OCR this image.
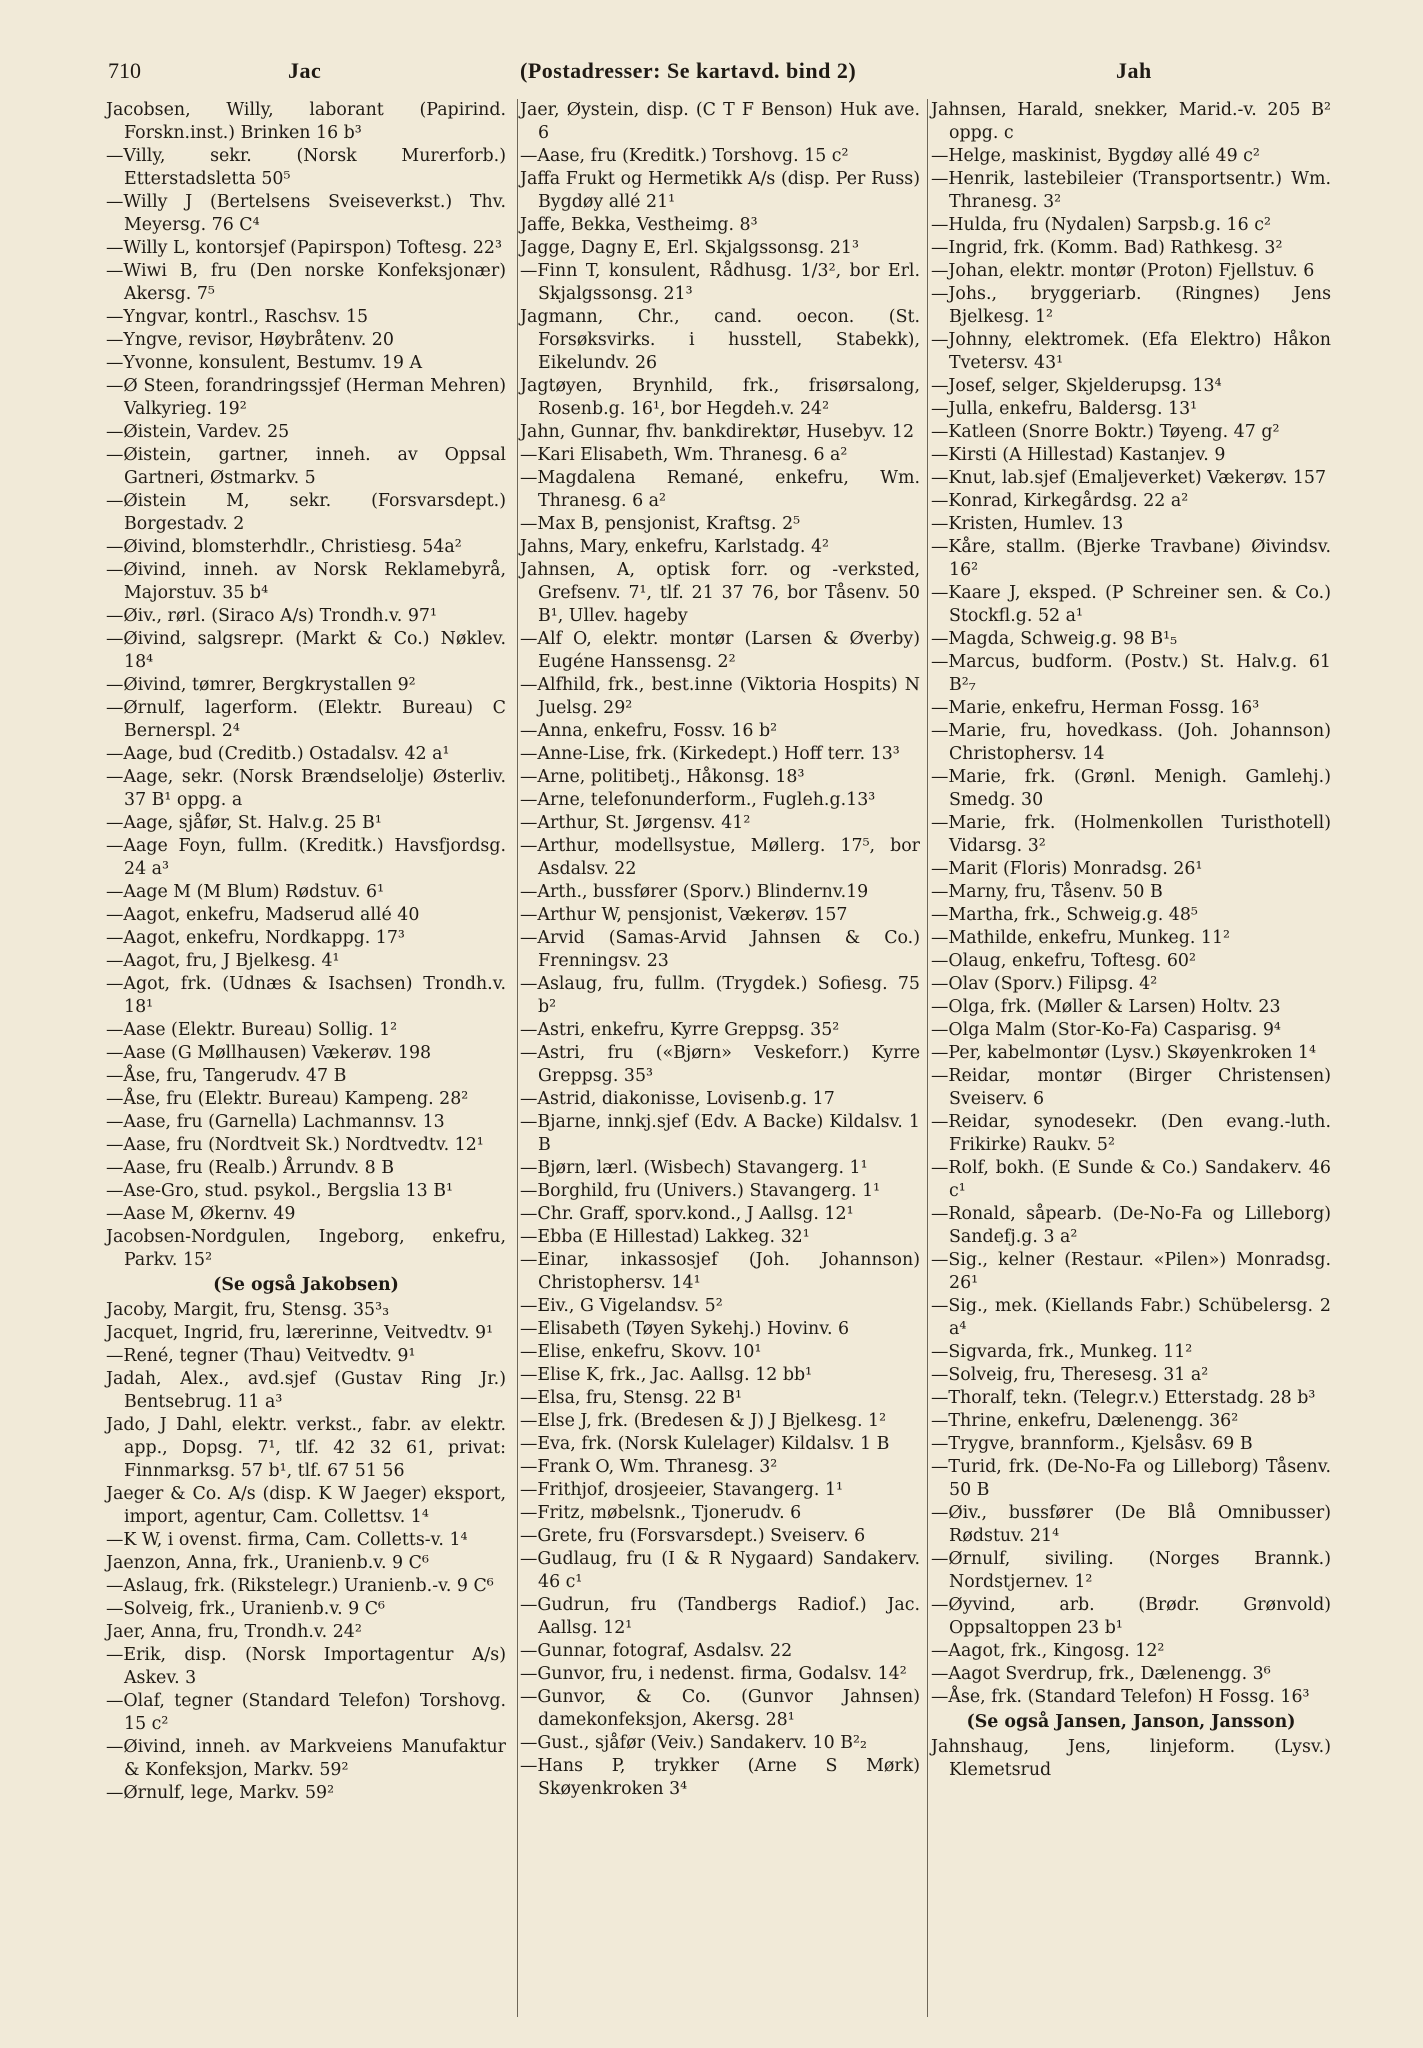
710	Jac	(Postadresser: Se kartavd. bind 2)	Jah
Jacobsen, Willy, laborant (Papirind. Forskn.inst.) Brinken 16 b³
—Villy, sekr. (Norsk Murerforb.) Etterstadsletta 50⁵
—Willy J (Bertelsens Sveiseverkst.) Thv. Meyersg. 76 C⁴
—Willy L, kontorsjef (Papirspon) Toftesg. 22³
—Wiwi B, fru (Den norske Konfeksjonær) Akersg. 7⁵
—Yngvar, kontrl., Raschsv. 15
—Yngve, revisor, Høybråtenv. 20
—Yvonne, konsulent, Bestumv. 19 A
—Ø Steen, forandringssjef (Herman Mehren) Valkyrieg. 19²
—Øistein, Vardev. 25
—Øistein, gartner, inneh. av Oppsal Gartneri, Østmarkv. 5
—Øistein M, sekr. (Forsvarsdept.) Borgestadv. 2
—Øivind, blomsterhdlr., Christiesg. 54a²
—Øivind, inneh. av Norsk Reklamebyrå, Majorstuv. 35 b⁴
—Øiv., rørl. (Siraco A/s) Trondh.v. 97¹
—Øivind, salgsrepr. (Markt & Co.) Nøklev. 18⁴
—Øivind, tømrer, Bergkrystallen 9²
—Ørnulf, lagerform. (Elektr. Bureau) C Bernerspl. 2⁴
—Aage, bud (Creditb.) Ostadalsv. 42 a¹
—Aage, sekr. (Norsk Brændselolje) Østerliv. 37 B¹ oppg. a
—Aage, sjåfør, St. Halv.g. 25 B¹
—Aage Foyn, fullm. (Kreditk.) Havsfjordsg. 24 a³
—Aage M (M Blum) Rødstuv. 6¹
—Aagot, enkefru, Madserud allé 40
—Aagot, enkefru, Nordkappg. 17³
—Aagot, fru, J Bjelkesg. 4¹
—Agot, frk. (Udnæs & Isachsen) Trondh.v. 18¹
—Aase (Elektr. Bureau) Sollig. 1²
—Aase (G Møllhausen) Vækerøv. 198
—Åse, fru, Tangerudv. 47 B
—Åse, fru (Elektr. Bureau) Kampeng. 28²
—Aase, fru (Garnella) Lachmannsv. 13
—Aase, fru (Nordtveit Sk.) Nordtvedtv. 12¹
—Aase, fru (Realb.) Årrundv. 8 B
—Ase-Gro, stud. psykol., Bergslia 13 B¹
—Aase M, Økernv. 49
Jacobsen-Nordgulen, Ingeborg, enkefru, Parkv. 15²
(Se også Jakobsen)
Jacoby, Margit, fru, Stensg. 35³₃
Jacquet, Ingrid, fru, lærerinne, Veitvedtv. 9¹
—René, tegner (Thau) Veitvedtv. 9¹
Jadah, Alex., avd.sjef (Gustav Ring Jr.) Bentsebrug. 11 a³
Jado, J Dahl, elektr. verkst., fabr. av elektr. app., Dopsg. 7¹, tlf. 42 32 61, privat: Finnmarksg. 57 b¹, tlf. 67 51 56
Jaeger & Co. A/s (disp. K W Jaeger) eksport, import, agentur, Cam. Collettsv. 1⁴
—K W, i ovenst. firma, Cam. Colletts-v. 1⁴
Jaenzon, Anna, frk., Uranienb.v. 9 C⁶
—Aslaug, frk. (Rikstelegr.) Uranienb.-v. 9 C⁶
—Solveig, frk., Uranienb.v. 9 C⁶
Jaer, Anna, fru, Trondh.v. 24²
—Erik, disp. (Norsk Importagentur A/s) Askev. 3
—Olaf, tegner (Standard Telefon) Torshovg. 15 c²
—Øivind, inneh. av Markveiens Manufaktur & Konfeksjon, Markv. 59²
—Ørnulf, lege, Markv. 59²
Jaer, Øystein, disp. (C T F Benson) Huk ave. 6
—Aase, fru (Kreditk.) Torshovg. 15 c²
Jaffa Frukt og Hermetikk A/s (disp. Per Russ) Bygdøy allé 21¹
Jaffe, Bekka, Vestheimg. 8³
Jagge, Dagny E, Erl. Skjalgssonsg. 21³
—Finn T, konsulent, Rådhusg. 1/3², bor Erl. Skjalgssonsg. 21³
Jagmann, Chr., cand. oecon. (St. Forsøksvirks. i husstell, Stabekk), Eikelundv. 26
Jagtøyen, Brynhild, frk., frisørsalong, Rosenb.g. 16¹, bor Hegdeh.v. 24²
Jahn, Gunnar, fhv. bankdirektør, Husebyv. 12
—Kari Elisabeth, Wm. Thranesg. 6 a²
—Magdalena Remané, enkefru, Wm. Thranesg. 6 a²
—Max B, pensjonist, Kraftsg. 2⁵
Jahns, Mary, enkefru, Karlstadg. 4²
Jahnsen, A, optisk forr. og -verksted, Grefsenv. 7¹, tlf. 21 37 76, bor Tåsenv. 50 B¹, Ullev. hageby
—Alf O, elektr. montør (Larsen & Øverby) Eugéne Hanssensg. 2²
—Alfhild, frk., best.inne (Viktoria Hospits) N Juelsg. 29²
—Anna, enkefru, Fossv. 16 b²
—Anne-Lise, frk. (Kirkedept.) Hoff terr. 13³
—Arne, politibetj., Håkonsg. 18³
—Arne, telefonunderform., Fugleh.g.13³
—Arthur, St. Jørgensv. 41²
—Arthur, modellsystue, Møllerg. 17⁵, bor Asdalsv. 22
—Arth., bussfører (Sporv.) Blindernv.19
—Arthur W, pensjonist, Vækerøv. 157
—Arvid (Samas-Arvid Jahnsen & Co.) Frenningsv. 23
—Aslaug, fru, fullm. (Trygdek.) Sofiesg. 75 b²
—Astri, enkefru, Kyrre Greppsg. 35²
—Astri, fru («Bjørn» Veskeforr.) Kyrre Greppsg. 35³
—Astrid, diakonisse, Lovisenb.g. 17
—Bjarne, innkj.sjef (Edv. A Backe) Kildalsv. 1 B
—Bjørn, lærl. (Wisbech) Stavangerg. 1¹
—Borghild, fru (Univers.) Stavangerg. 1¹
—Chr. Graff, sporv.kond., J Aallsg. 12¹
—Ebba (E Hillestad) Lakkeg. 32¹
—Einar, inkassosjef (Joh. Johannson) Christophersv. 14¹
—Eiv., G Vigelandsv. 5²
—Elisabeth (Tøyen Sykehj.) Hovinv. 6
—Elise, enkefru, Skovv. 10¹
—Elise K, frk., Jac. Aallsg. 12 bb¹
—Elsa, fru, Stensg. 22 B¹
—Else J, frk. (Bredesen & J) J Bjelkesg. 1²
—Eva, frk. (Norsk Kulelager) Kildalsv. 1 B
—Frank O, Wm. Thranesg. 3²
—Frithjof, drosjeeier, Stavangerg. 1¹
—Fritz, møbelsnk., Tjonerudv. 6
—Grete, fru (Forsvarsdept.) Sveiserv. 6
—Gudlaug, fru (I & R Nygaard) Sandakerv. 46 c¹
—Gudrun, fru (Tandbergs Radiof.) Jac. Aallsg. 12¹
—Gunnar, fotograf, Asdalsv. 22
—Gunvor, fru, i nedenst. firma, Godalsv. 14²
—Gunvor, & Co. (Gunvor Jahnsen) damekonfeksjon, Akersg. 28¹
—Gust., sjåfør (Veiv.) Sandakerv. 10 B²₂
—Hans P, trykker (Arne S Mørk) Skøyenkroken 3⁴
Jahnsen, Harald, snekker, Marid.-v. 205 B² oppg. c
—Helge, maskinist, Bygdøy allé 49 c²
—Henrik, lastebileier (Transportsentr.) Wm. Thranesg. 3²
—Hulda, fru (Nydalen) Sarpsb.g. 16 c²
—Ingrid, frk. (Komm. Bad) Rathkesg. 3²
—Johan, elektr. montør (Proton) Fjellstuv. 6
—Johs., bryggeriarb. (Ringnes) Jens Bjelkesg. 1²
—Johnny, elektromek. (Efa Elektro) Håkon Tvetersv. 43¹
—Josef, selger, Skjelderupsg. 13⁴
—Julla, enkefru, Baldersg. 13¹
—Katleen (Snorre Boktr.) Tøyeng. 47 g²
—Kirsti (A Hillestad) Kastanjev. 9
—Knut, lab.sjef (Emaljeverket) Vækerøv. 157
—Konrad, Kirkegårdsg. 22 a²
—Kristen, Humlev. 13
—Kåre, stallm. (Bjerke Travbane) Øivindsv. 16²
—Kaare J, eksped. (P Schreiner sen. & Co.) Stockfl.g. 52 a¹
—Magda, Schweig.g. 98 B¹₅
—Marcus, budform. (Postv.) St. Halv.g. 61 B²₇
—Marie, enkefru, Herman Fossg. 16³
—Marie, fru, hovedkass. (Joh. Johannson) Christophersv. 14
—Marie, frk. (Grønl. Menigh. Gamlehj.) Smedg. 30
—Marie, frk. (Holmenkollen Turisthotell) Vidarsg. 3²
—Marit (Floris) Monradsg. 26¹
—Marny, fru, Tåsenv. 50 B
—Martha, frk., Schweig.g. 48⁵
—Mathilde, enkefru, Munkeg. 11²
—Olaug, enkefru, Toftesg. 60²
—Olav (Sporv.) Filipsg. 4²
—Olga, frk. (Møller & Larsen) Holtv. 23
—Olga Malm (Stor-Ko-Fa) Casparisg. 9⁴
—Per, kabelmontør (Lysv.) Skøyenkroken 1⁴
—Reidar, montør (Birger Christensen) Sveiserv. 6
—Reidar, synodesekr. (Den evang.-luth. Frikirke) Raukv. 5²
—Rolf, bokh. (E Sunde & Co.) Sandakerv. 46 c¹
—Ronald, såpearb. (De-No-Fa og Lilleborg) Sandefj.g. 3 a²
—Sig., kelner (Restaur. «Pilen») Monradsg. 26¹
—Sig., mek. (Kiellands Fabr.) Schübelersg. 2 a⁴
—Sigvarda, frk., Munkeg. 11²
—Solveig, fru, Theresesg. 31 a²
—Thoralf, tekn. (Telegr.v.) Etterstadg. 28 b³
—Thrine, enkefru, Dælenengg. 36²
—Trygve, brannform., Kjelsåsv. 69 B
—Turid, frk. (De-No-Fa og Lilleborg) Tåsenv. 50 B
—Øiv., bussfører (De Blå Omnibusser) Rødstuv. 21⁴
—Ørnulf, siviling. (Norges Brannk.) Nordstjernev. 1²
—Øyvind, arb. (Brødr. Grønvold) Oppsaltoppen 23 b¹
—Aagot, frk., Kingosg. 12²
—Aagot Sverdrup, frk., Dælenengg. 3⁶
—Åse, frk. (Standard Telefon) H Fossg. 16³
(Se også Jansen, Janson, Jansson)
Jahnshaug, Jens, linjeform. (Lysv.) Klemetsrud
